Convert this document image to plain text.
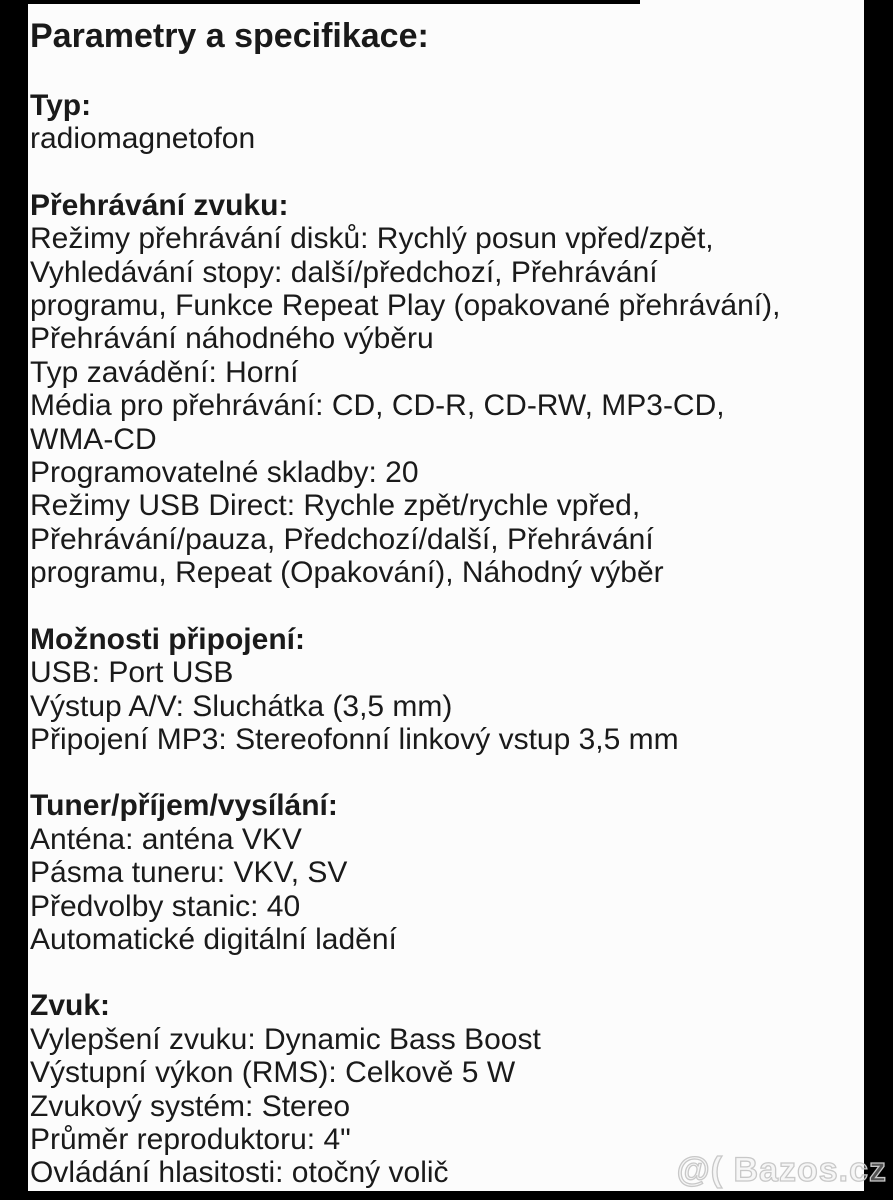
Parametry a specifikace:
Typ:
radiomagnetofon
Přehrávání zvuku:
Režimy přehrávání disků: Rychlý posun vpřed/zpět,
Vyhledávání stopy: další/předchozí, Přehrávání
programu, Funkce Repeat Play (opakované přehrávání),
Přehrávání náhodného výběru
Typ zavádění: Horní
Média pro přehrávání: CD, CD-R, CD-RW, MP3-CD,
WMA-CD
Programovatelné skladby: 20
Režimy USB Direct: Rychle zpět/rychle vpřed,
Přehrávání/pauza, Předchozí/další, Přehrávání
programu, Repeat (Opakování), Náhodný výběr
Možnosti připojení:
USB: Port USB
Výstup A/V: Sluchátka (3,5 mm)
Připojení MP3: Stereofonní linkový vstup 3,5 mm
Tuner/příjem/vysílání:
Anténa: anténa VKV
Pásma tuneru: VKV, SV
Předvolby stanic: 40
Automatické digitální ladění
Zvuk:
Vylepšení zvuku: Dynamic Bass Boost
Výstupní výkon (RMS): Celkově 5 W
Zvukový systém: Stereo
Průměr reproduktoru: 4"
Ovládání hlasitosti: otočný volič	@( Bazos.cz
